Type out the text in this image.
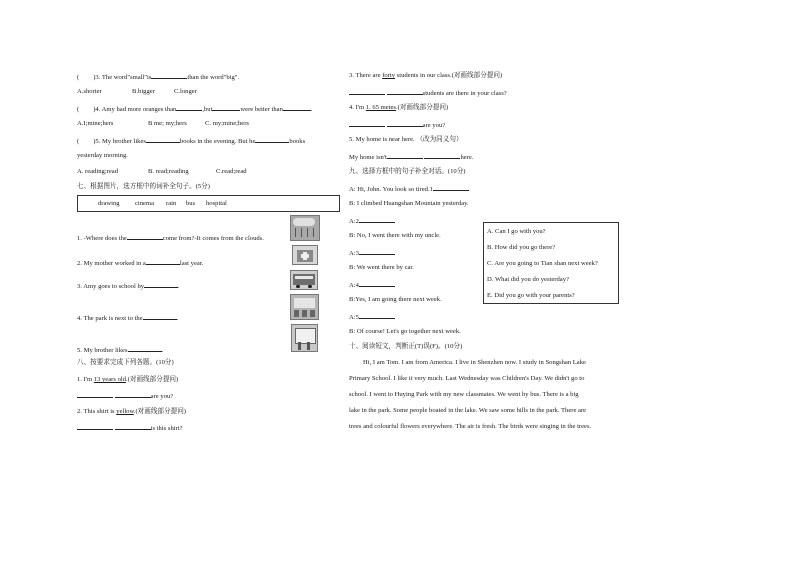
( )3. The word"small"is	than the word"big".
A.shorter	B.bigger	C.longer
( )4. Amy had more oranges than	,but	were better than	.
A.I;mine;hers	B me; my;hers	C. my;mine;hers
( )5. My brother likes	books in the evening. But he	books
yesterday morning.
A. reading;read	B. read;reading	C.read;read
七、根据图片，选方框中的词补全句子。(5分)
drawing cinema rain bus hospital
1. -Where does the	come from?-It comes from the clouds.
2. My mother worked in a	last year.
3. Amy goes to school by	.
4. The park is next to the	.
5. My brother likes	.
八、按要求完成下列各题。(10分)
1. I'm 13 years old.(对画线部分提问)
are you?
2. This shirt is yellow.(对画线部分提问)
is this shirt?
3. There are forty students in our class.(对画线部分提问)
students are there in your class?
4. I'm 1. 65 metes.(对画线部分提问)
are you?
5. My home is near here. （改为同义句）
My home isn't	here.
九、选择方框中的句子补全对话。(10分)
A: Hi, John. You look so tired.1
B: I climbed Huangshan Mountain yesterday.
A:2
B: No, I went there with my uncle.
A:3
B: We went there by car.
A:4
B:Yes, I am going there next week.
A:5
B: Of course! Let's go together next week.
A. Can I go with you?
B. How did you go there?
C. Are you going to Tian shan next week?
D. What did you do yesterday?
E. Did you go with your parents?
十、阅读短文，判断正(T)误(F)。(10分)
Hi, I am Tom. I am from America. I live in Shenzhen now. I study in Songshan Lake
Primary School. I like it very much. Last Wednesday was Children's Day. We didn't go to
school. I went to Huying Park with my new classmates. We went by bus. There is a big
lake in the park. Some people boated in the lake. We saw some hills in the park. There are
trees and colourful flowers everywhere. The air is fresh. The birds were singing in the trees.
